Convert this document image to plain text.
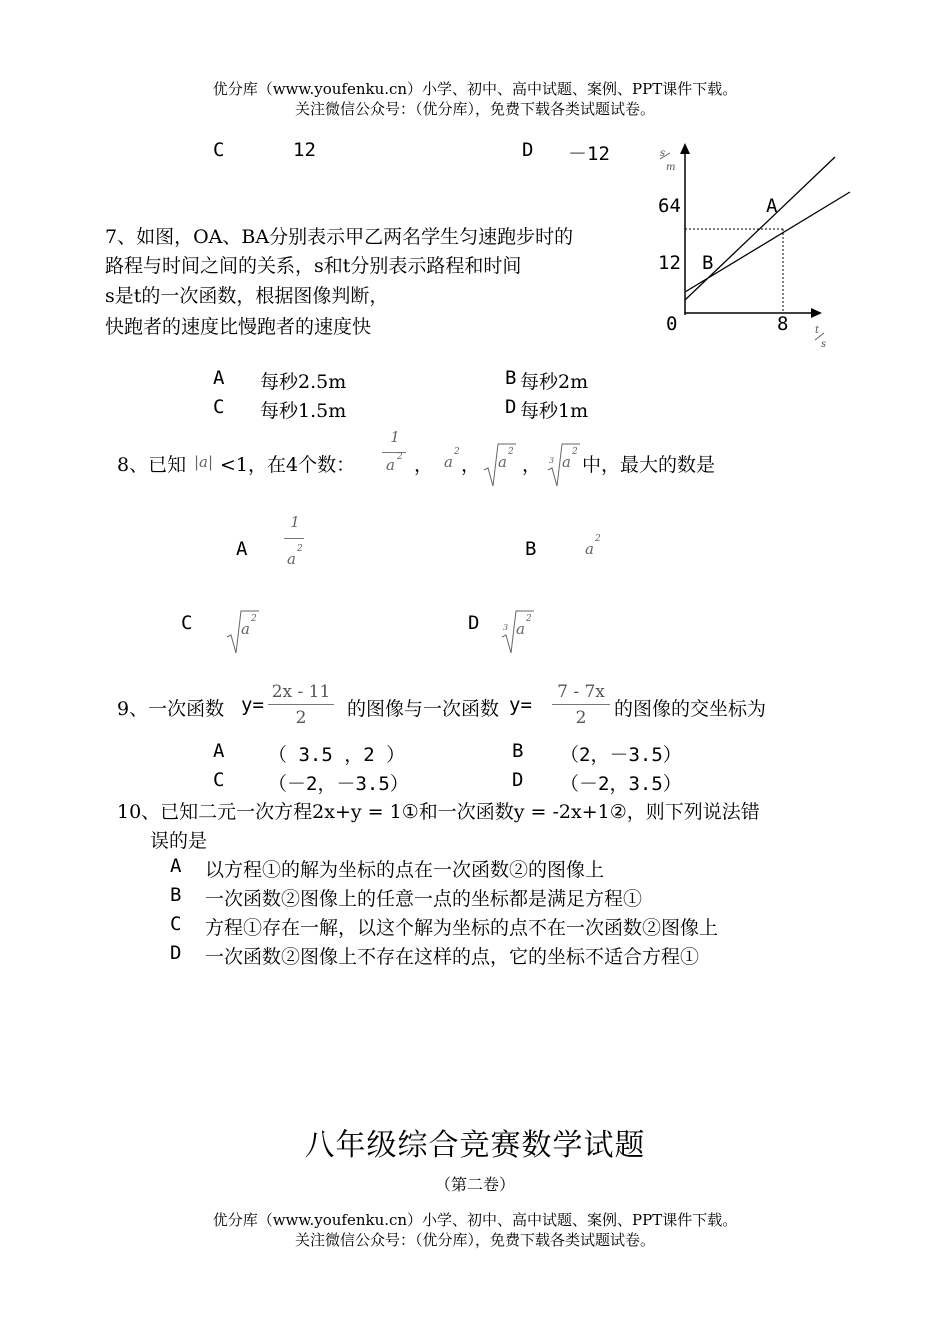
优分库（www.youfenku.cn）小学、初中、高中试题、案例、PPT课件下载。
关注微信公众号：（优分库），免费下载各类试题试卷。
C	12	D －12
7、如图，OA、BA分别表示甲乙两名学生匀速跑步时的
路程与时间之间的关系，s和t分别表示路程和时间
s是t的一次函数，根据图像判断，
快跑者的速度比慢跑者的速度快
s
m
64
12
A
B
0	8	t
s
A 每秒2.5m	B 每秒2m
C 每秒1.5m	D 每秒1m
8、已知 |a| <1，在4个数：
1
a 2 ， a
2
， a
2
， 3 a
2
中，最大的数是
A
1
a
2	B	a
2
C	a
2	D	3 a
2
9、一次函数 y=
2x - 11
2	的图像与一次函数 y=
7 - 7x
2	的图像的交坐标为
A （ 3.5 ，2 ）	B （2，－3.5）
C （－2，－3.5）	D （－2，3.5）
10、已知二元一次方程2x+y = 1①和一次函数y = -2x+1②，则下列说法错
误的是
A 以方程①的解为坐标的点在一次函数②的图像上
B 一次函数②图像上的任意一点的坐标都是满足方程①
C 方程①存在一解，以这个解为坐标的点不在一次函数②图像上
D 一次函数②图像上不存在这样的点，它的坐标不适合方程①
八年级综合竞赛数学试题
（第二卷）
优分库（www.youfenku.cn）小学、初中、高中试题、案例、PPT课件下载。
关注微信公众号：（优分库），免费下载各类试题试卷。
